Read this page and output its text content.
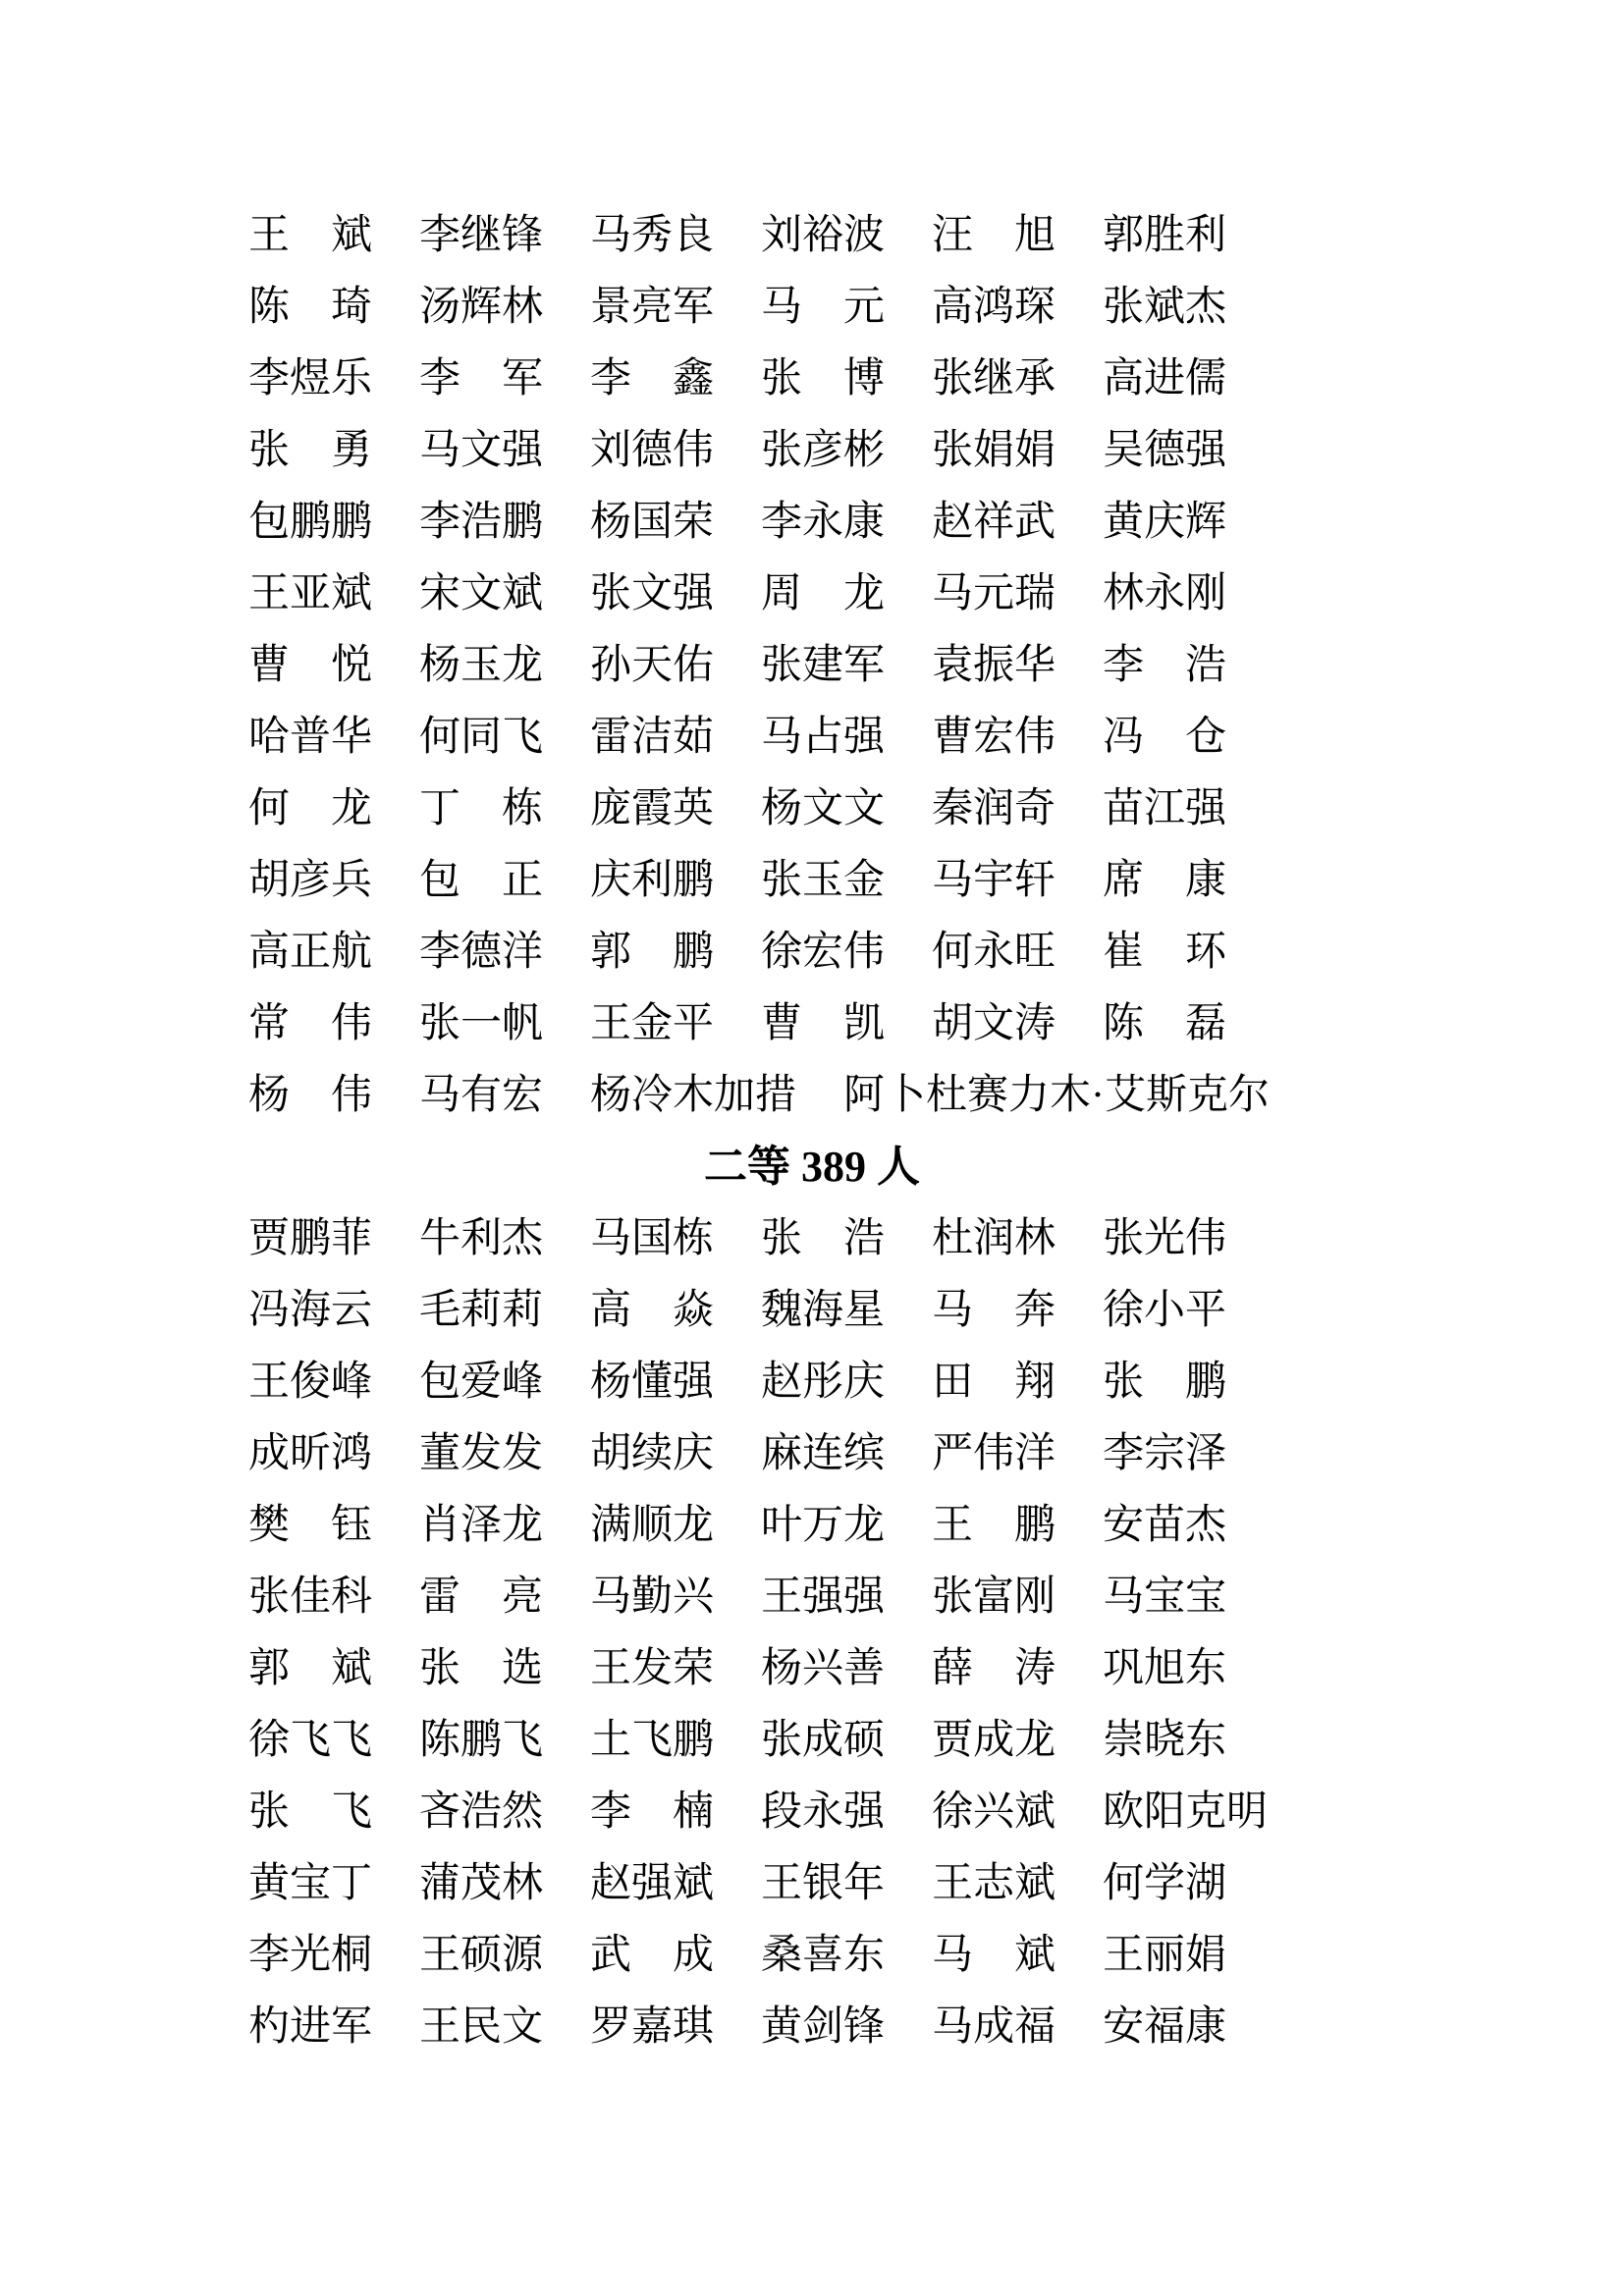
王斌 李继锋 马秀良 刘裕波 汪旭 郭胜利
陈琦 汤辉林 景亮军 马元 高鸿琛 张斌杰
李煜乐 李军 李鑫 张博 张继承 高进儒
张勇 马文强 刘德伟 张彦彬 张娟娟 吴德强
包鹏鹏 李浩鹏 杨国荣 李永康 赵祥武 黄庆辉
王亚斌 宋文斌 张文强 周龙 马元瑞 林永刚
曹悦 杨玉龙 孙天佑 张建军 袁振华 李浩
哈普华 何同飞 雷洁茹 马占强 曹宏伟 冯仓
何龙 丁栋 庞霞英 杨文文 秦润奇 苗江强
胡彦兵 包正 庆利鹏 张玉金 马宇轩 席康
高正航 李德洋 郭鹏 徐宏伟 何永旺 崔环
常伟 张一帆 王金平 曹凯 胡文涛 陈磊
杨伟 马有宏 杨冷木加措 阿卜杜赛力木·艾斯克尔
二等 389 人
贾鹏菲 牛利杰 马国栋 张浩 杜润林 张光伟
冯海云 毛莉莉 高焱 魏海星 马奔 徐小平
王俊峰 包爱峰 杨懂强 赵彤庆 田翔 张鹏
成昕鸿 董发发 胡续庆 麻连缤 严伟洋 李宗泽
樊钰 肖泽龙 满顺龙 叶万龙 王鹏 安苗杰
张佳科 雷亮 马勤兴 王强强 张富刚 马宝宝
郭斌 张选 王发荣 杨兴善 薛涛 巩旭东
徐飞飞 陈鹏飞 土飞鹏 张成硕 贾成龙 崇晓东
张飞 吝浩然 李楠 段永强 徐兴斌 欧阳克明
黄宝丁 蒲茂林 赵强斌 王银年 王志斌 何学湖
李光桐 王硕源 武成 桑喜东 马斌 王丽娟
杓进军 王民文 罗嘉琪 黄剑锋 马成福 安福康
